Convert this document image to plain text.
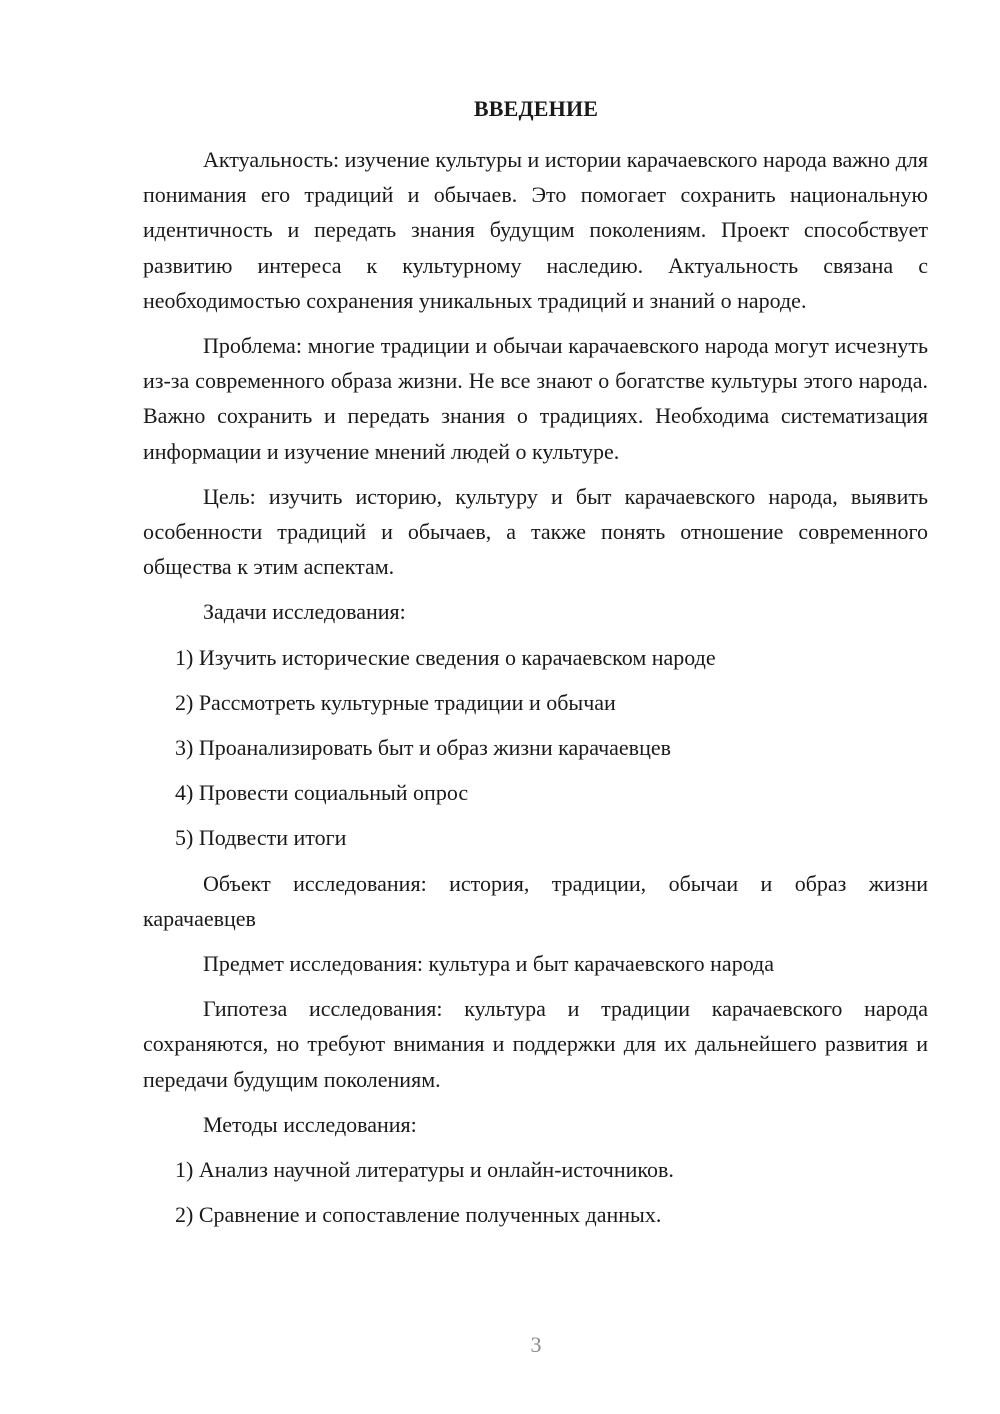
ВВЕДЕНИЕ

Актуальность: изучение культуры и истории карачаевского народа важно для понимания его традиций и обычаев. Это помогает сохранить национальную идентичность и передать знания будущим поколениям. Проект способствует развитию интереса к культурному наследию. Актуальность связана с необходимостью сохранения уникальных традиций и знаний о народе.

Проблема: многие традиции и обычаи карачаевского народа могут исчезнуть из-за современного образа жизни. Не все знают о богатстве культуры этого народа. Важно сохранить и передать знания о традициях. Необходима систематизация информации и изучение мнений людей о культуре.

Цель: изучить историю, культуру и быт карачаевского народа, выявить особенности традиций и обычаев, а также понять отношение современного общества к этим аспектам.

Задачи исследования:

1) Изучить исторические сведения о карачаевском народе

2) Рассмотреть культурные традиции и обычаи

3) Проанализировать быт и образ жизни карачаевцев

4) Провести социальный опрос

5) Подвести итоги

Объект исследования: история, традиции, обычаи и образ жизни карачаевцев

Предмет исследования: культура и быт карачаевского народа

Гипотеза исследования: культура и традиции карачаевского народа сохраняются, но требуют внимания и поддержки для их дальнейшего развития и передачи будущим поколениям.

Методы исследования:

1) Анализ научной литературы и онлайн-источников.

2) Сравнение и сопоставление полученных данных.

3
